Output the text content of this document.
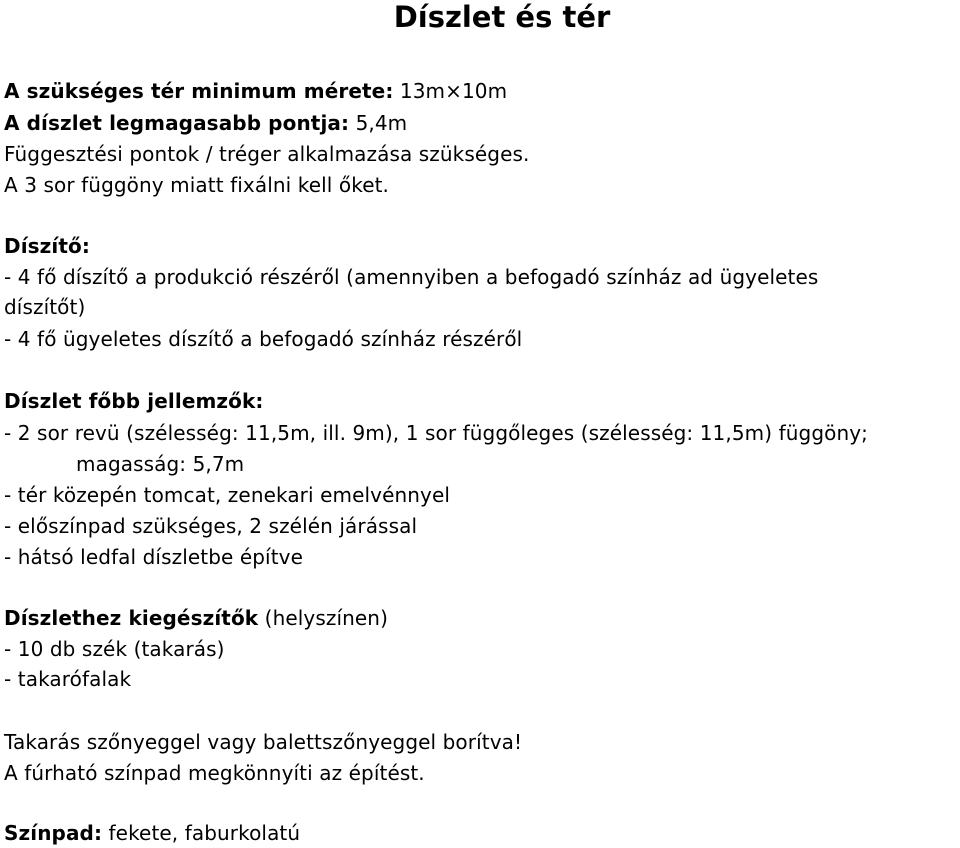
Díszlet és tér
A szükséges tér minimum mérete: 13m×10m
A díszlet legmagasabb pontja: 5,4m
Függesztési pontok / tréger alkalmazása szükséges.
A 3 sor függöny miatt fixálni kell őket.
Díszítő:
- 4 fő díszítő a produkció részéről (amennyiben a befogadó színház ad ügyeletes
díszítőt)
- 4 fő ügyeletes díszítő a befogadó színház részéről
Díszlet főbb jellemzők:
- 2 sor revü (szélesség: 11,5m, ill. 9m), 1 sor függőleges (szélesség: 11,5m) függöny;
magasság: 5,7m
- tér közepén tomcat, zenekari emelvénnyel
- előszínpad szükséges, 2 szélén járással
- hátsó ledfal díszletbe építve
Díszlethez kiegészítők (helyszínen)
- 10 db szék (takarás)
- takarófalak
Takarás szőnyeggel vagy balettszőnyeggel borítva!
A fúrható színpad megkönnyíti az építést.
Színpad: fekete, faburkolatú
